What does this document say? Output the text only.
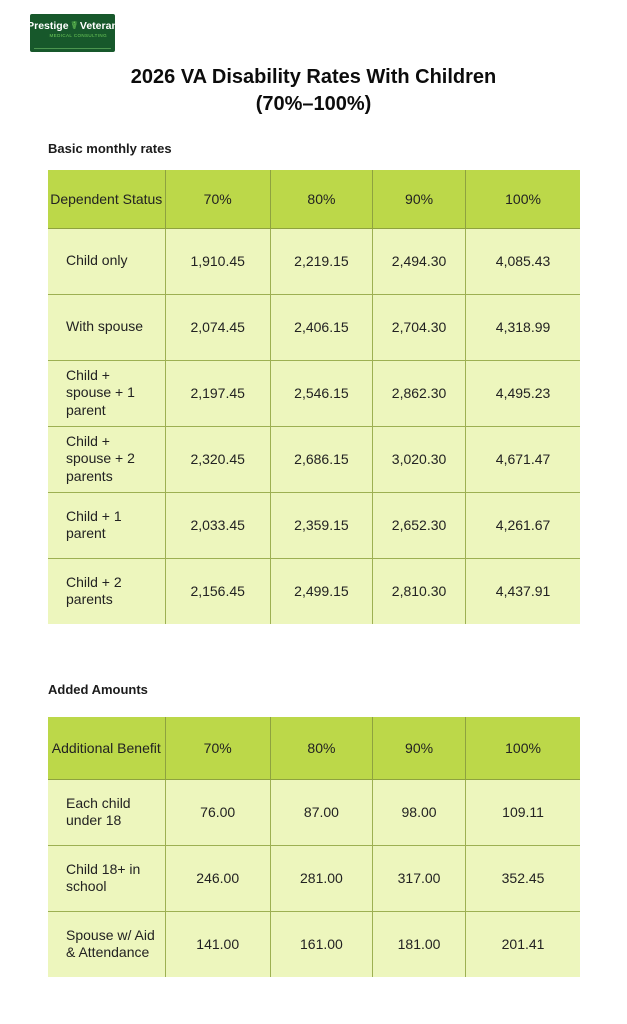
Prestige ☤ Veteran
MEDICAL CONSULTING
2026 VA Disability Rates With Children
(70%–100%)
Basic monthly rates
Dependent Status	70%	80%	90%	100%
Child only	1,910.45	2,219.15	2,494.30	4,085.43
With spouse	2,074.45	2,406.15	2,704.30	4,318.99
Child + spouse + 1 parent	2,197.45	2,546.15	2,862.30	4,495.23
Child + spouse + 2 parents	2,320.45	2,686.15	3,020.30	4,671.47
Child + 1 parent	2,033.45	2,359.15	2,652.30	4,261.67
Child + 2 parents	2,156.45	2,499.15	2,810.30	4,437.91
Added Amounts
Additional Benefit	70%	80%	90%	100%
Each child under 18	76.00	87.00	98.00	109.11
Child 18+ in school	246.00	281.00	317.00	352.45
Spouse w/ Aid & Attendance	141.00	161.00	181.00	201.41
